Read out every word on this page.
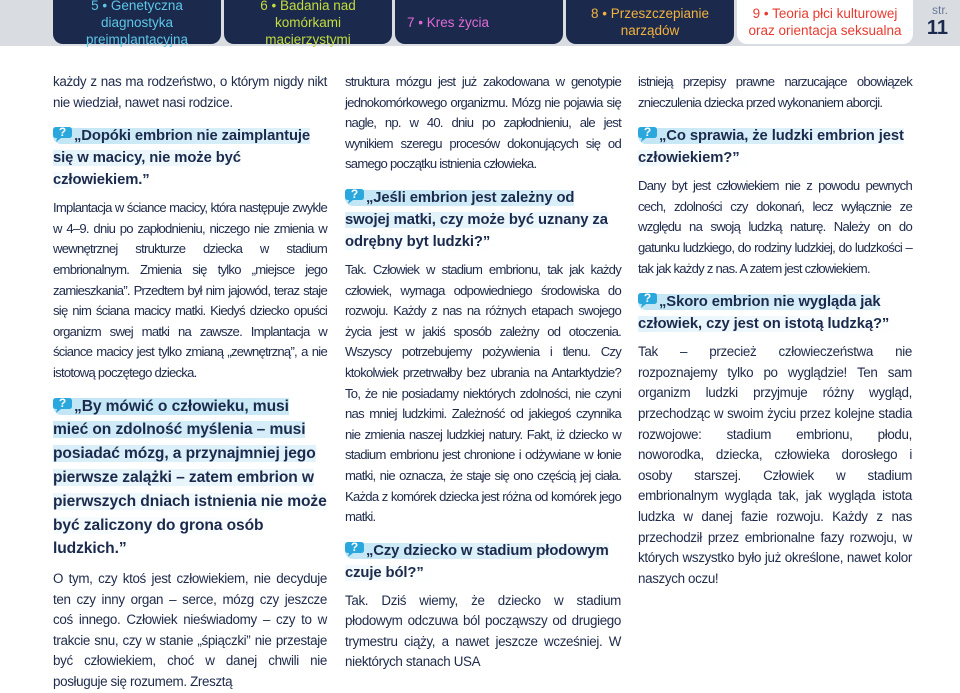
5 • Genetyczna diagnostyka preimplantacyjna
6 • Badania nad komórkami macierzystymi
7 • Kres życia
8 • Przeszczepianie narządów
9 • Teoria płci kulturowej oraz orientacja seksualna
str.
11

każdy z nas ma rodzeństwo, o którym nigdy nikt nie wiedział, nawet nasi rodzice.

? „Dopóki embrion nie zaimplantuje się w macicy, nie może być człowiekiem.”

Implantacja w ściance macicy, która następuje zwykle w 4–9. dniu po zapłodnieniu, niczego nie zmienia w wewnętrznej strukturze dziecka w stadium embrionalnym. Zmienia się tylko „miejsce jego zamieszkania”. Przedtem był nim jajowód, teraz staje się nim ściana macicy matki. Kiedyś dziecko opuści organizm swej matki na zawsze. Implantacja w ściance macicy jest tylko zmianą „zewnętrzną”, a nie istotową poczętego dziecka.

? „By mówić o człowieku, musi mieć on zdolność myślenia – musi posiadać mózg, a przynajmniej jego pierwsze zalążki – zatem embrion w pierwszych dniach istnienia nie może być zaliczony do grona osób ludzkich.”

O tym, czy ktoś jest człowiekiem, nie decyduje ten czy inny organ – serce, mózg czy jeszcze coś innego. Człowiek nieświadomy – czy to w trakcie snu, czy w stanie „śpiączki” nie przestaje być człowiekiem, choć w danej chwili nie posługuje się rozumem. Zresztą

struktura mózgu jest już zakodowana w genotypie jednokomórkowego organizmu. Mózg nie pojawia się nagle, np. w 40. dniu po zapłodnieniu, ale jest wynikiem szeregu procesów dokonujących się od samego początku istnienia człowieka.

? „Jeśli embrion jest zależny od swojej matki, czy może być uznany za odrębny byt ludzki?”

Tak. Człowiek w stadium embrionu, tak jak każdy człowiek, wymaga odpowiedniego środowiska do rozwoju. Każdy z nas na różnych etapach swojego życia jest w jakiś sposób zależny od otoczenia. Wszyscy potrzebujemy pożywienia i tlenu. Czy ktokolwiek przetrwałby bez ubrania na Antarktydzie? To, że nie posiadamy niektórych zdolności, nie czyni nas mniej ludzkimi. Zależność od jakiegoś czynnika nie zmienia naszej ludzkiej natury. Fakt, iż dziecko w stadium embrionu jest chronione i odżywiane w łonie matki, nie oznacza, że staje się ono częścią jej ciała. Każda z komórek dziecka jest różna od komórek jego matki.

? „Czy dziecko w stadium płodowym czuje ból?”

Tak. Dziś wiemy, że dziecko w stadium płodowym odczuwa ból począwszy od drugiego trymestru ciąży, a nawet jeszcze wcześniej. W niektórych stanach USA

istnieją przepisy prawne narzucające obowiązek znieczulenia dziecka przed wykonaniem aborcji.

? „Co sprawia, że ludzki embrion jest człowiekiem?”

Dany byt jest człowiekiem nie z powodu pewnych cech, zdolności czy dokonań, lecz wyłącznie ze względu na swoją ludzką naturę. Należy on do gatunku ludzkiego, do rodziny ludzkiej, do ludzkości – tak jak każdy z nas. A zatem jest człowiekiem.

? „Skoro embrion nie wygląda jak człowiek, czy jest on istotą ludzką?”

Tak – przecież człowieczeństwa nie rozpoznajemy tylko po wyglądzie! Ten sam organizm ludzki przyjmuje różny wygląd, przechodząc w swoim życiu przez kolejne stadia rozwojowe: stadium embrionu, płodu, noworodka, dziecka, człowieka dorosłego i osoby starszej. Człowiek w stadium embrionalnym wygląda tak, jak wygląda istota ludzka w danej fazie rozwoju. Każdy z nas przechodził przez embrionalne fazy rozwoju, w których wszystko było już określone, nawet kolor naszych oczu!
